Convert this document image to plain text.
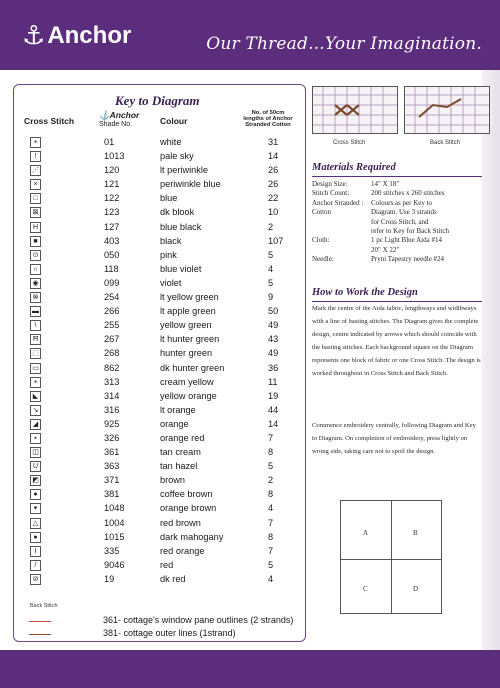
⚓ Anchor	Our Thread...Your Imagination.
Key to Diagram
Cross Stitch
⚓Anchor
Shade No.	Colour
No. of 50cm
lengths of Anchor
Stranded Cotton
•	01	white	31
!	1013	pale sky	14
⋰	120	lt periwinkle	26
×	121	periwinkle blue	26
□	122	blue	22
⊠	123	dk blook	10
H	127	blue black	2
■	403	black	107
⊙	050	pink	5
∩	118	blue violet	4
◉	099	violet	5
⊗	254	lt yellow green	9
▬	266	lt apple green	50
\	255	yellow green	49
Ħ	267	lt hunter green	43
⬚	268	hunter green	49
▭	862	dk hunter green	36
•	313	cream yellow	11
◣	314	yellow orange	19
↘	316	lt orange	44
◢	925	orange	14
▪	326	orange red	7
◫	361	tan cream	8
U	363	tan hazel	5
◩	371	brown	2
●	381	coffee brown	8
▾	1048	orange brown	4
△	1004	red brown	7
●	1015	dark mahogany	8
I	335	red orange	7
/	9046	red	5
⊘	19	dk red	4
Back Stitch
361- cottage's window pane outlines (2 strands)
381- cottage outer lines (1strand)
Cross Stitch	Back Stitch
Materials Required
Design Size:	14" X 18"
Stitch Count:	200 stitches x 260 stitches
Anchor Stranded : Colours as per Key to
Cotton	Diagram. Use 3 strands
for Cross Stitch, and
refer to Key for Back Stitch
Cloth:	1 pc Light Blue Aida #14
20" X 22"
Needle:	Pryni Tapestry needle #24
How to Work the Design
Mark the centre of the Aida fabric, lengthways and widthways with a line of basting stitches. The Diagram gives the complete design, centre indicated by arrows which should coincide with the basting stitches. Each background square on the Diagram represents one block of fabric or one Cross Stitch. The design is worked throughout in Cross Stitch and Back Stitch.
Commence embroidery centrally, following Diagram and Key to Diagram. On completion of embroidery, press lightly on wrong side, taking care not to spoil the design.
A	B
C	D
